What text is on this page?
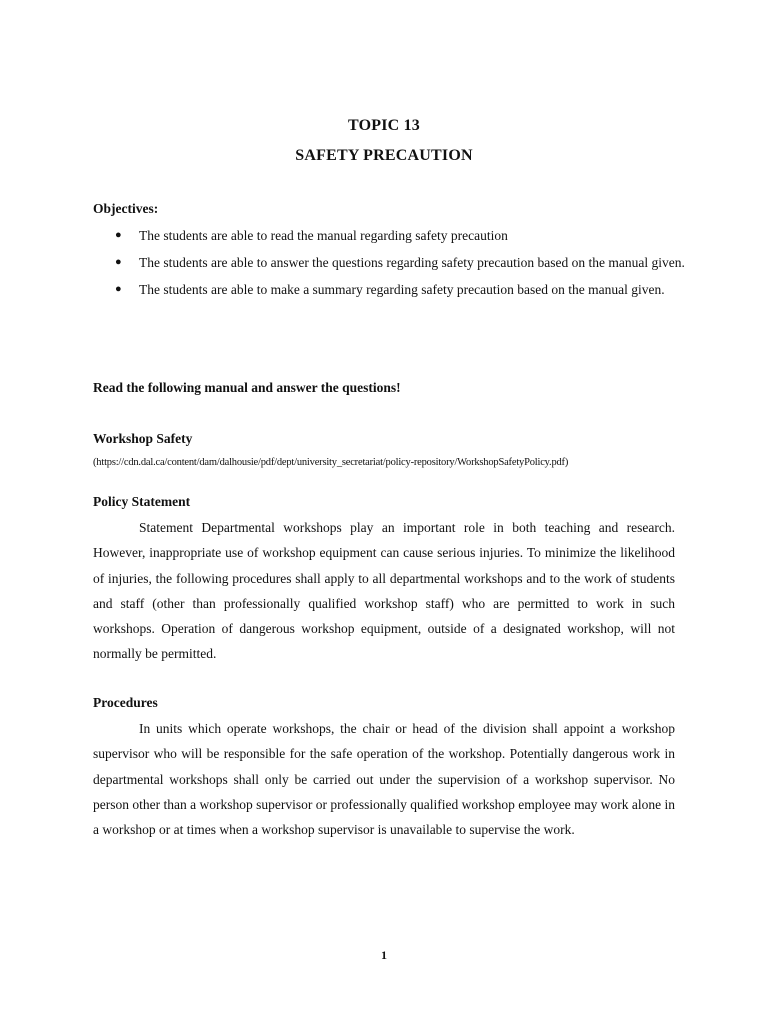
TOPIC 13
SAFETY PRECAUTION
Objectives:
● The students are able to read the manual regarding safety precaution
● The students are able to answer the questions regarding safety precaution based on the manual given.
● The students are able to make a summary regarding safety precaution based on the manual given.
Read the following manual and answer the questions!
Workshop Safety
(https://cdn.dal.ca/content/dam/dalhousie/pdf/dept/university_secretariat/policy-repository/WorkshopSafetyPolicy.pdf)
Policy Statement

Statement Departmental workshops play an important role in both teaching and research. However, inappropriate use of workshop equipment can cause serious injuries. To minimize the likelihood of injuries, the following procedures shall apply to all departmental workshops and to the work of students and staff (other than professionally qualified workshop staff) who are permitted to work in such workshops. Operation of dangerous workshop equipment, outside of a designated workshop, will not normally be permitted.

Procedures

In units which operate workshops, the chair or head of the division shall appoint a workshop supervisor who will be responsible for the safe operation of the workshop. Potentially dangerous work in departmental workshops shall only be carried out under the supervision of a workshop supervisor. No person other than a workshop supervisor or professionally qualified workshop employee may work alone in a workshop or at times when a workshop supervisor is unavailable to supervise the work.

1
